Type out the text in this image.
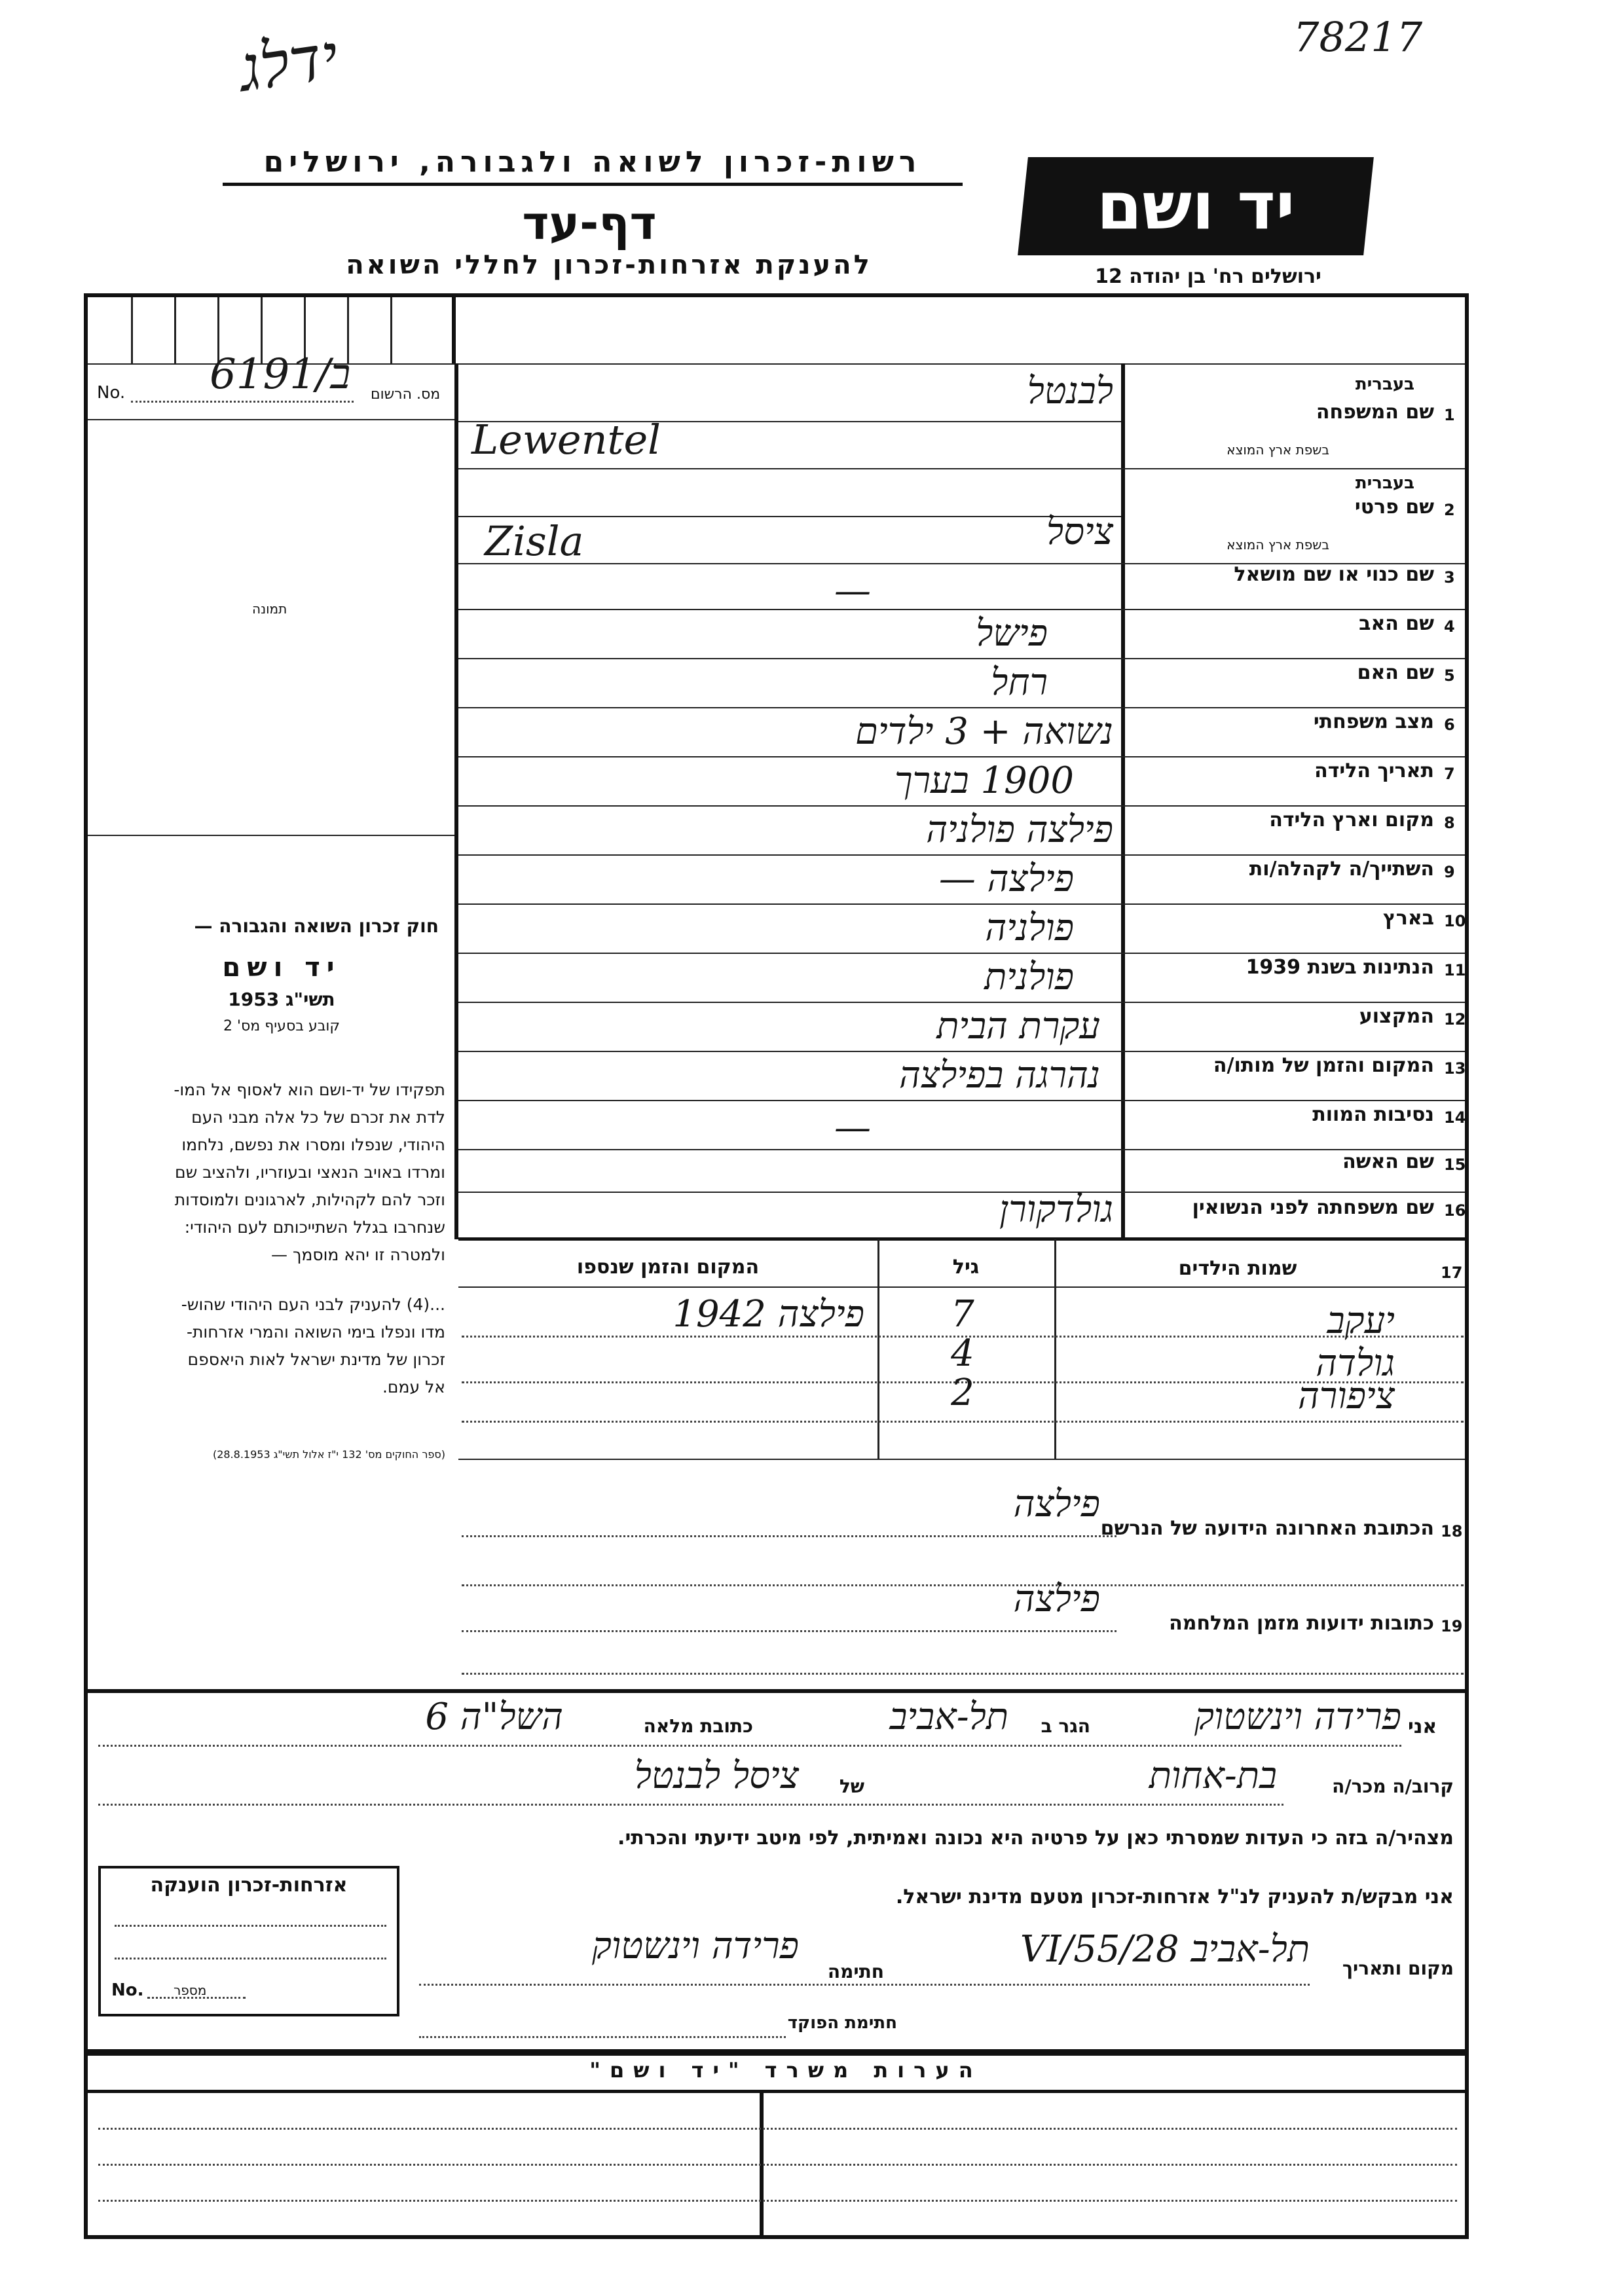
78217
ידלג
רשות-זכרון לשואה ולגבורה, ירושלים
דף-עד
להענקת אזרחות-זכרון לחללי השואה
יד ושם
ירושלים רח' בן יהודה 12
No.	מס. הרשום
6191/ב
תמונה
חוק זכרון השואה והגבורה —
יד ושם
תשי"ג 1953
קובע בסעיף מס' 2
תפקידו של יד-ושם הוא לאסוף אל המו-
לדת את זכרם של כל אלה מבני העם
היהודי, שנפלו ומסרו את נפשם, נלחמו
ומרדו באויב הנאצי ובעוזריו, ולהציב שם
וזכר להם לקהילות, לארגונים ולמוסדות
שנחרבו בגלל השתייכותם לעם היהודי:
ולמטרה זו יהא מוסמך —
...(4) להעניק לבני העם היהודי שהוש-
מדו ונפלו בימי השואה והמרי אזרחות-
זכרון של מדינת ישראל לאות היאספם
אל עמם.
(ספר החוקים מס' 132 י"ז אלול תשי"ג 28.8.1953)
1
שם המשפחה
בעברית
בשפת ארץ המוצא
לבנטל
Lewentel
2
שם פרטי
בעברית
בשפת ארץ המוצא
ציסל
Zisla
3
שם כנוי או שם מושאל
—
4
שם האב
פישל
5
שם האם
רחל
6
מצב משפחתי
נשואה + 3 ילדים
7
תאריך הלידה
1900 בערך
8
מקום וארץ הלידה
פילצה פולניה
9
השתייך/ה לקהלה/ות
פילצה —
10
בארץ
פולניה
11
הנתינות בשנת 1939
פולנית
12
המקצוע
עקרת הבית
13
המקום והזמן של מותו/ה
נהרגה בפילצה
14
נסיבות המוות
—
15
שם האשה
16
שם משפחתה לפני הנשואין
גולדקורן
17
שמות הילדים
גיל
המקום והזמן שנספו
פילצה 1942	יעקב
7
גולדה
4
ציפורה
2
18
הכתובת האחרונה הידועה של הנרשם
פילצה
19
כתובות ידועות מזמן המלחמה
פילצה
אני
פרידה וינשטוק
הגר ב
תל-אביב
כתובת מלאה
השל"ה 6
קרוב/ה מכר/ה
בת-אחות
של
ציסל לבנטל
מצהיר/ה בזה כי העדות שמסרתי כאן על פרטיה היא נכונה ואמיתית, לפי מיטב ידיעתי והכרתי.
אני מבקש/ת להעניק לנ"ל אזרחות-זכרון מטעם מדינת ישראל.
מקום ותאריך
תל-אביב 28/VI/55
חתימה
פרידה וינשטוק
חתימת הפוקד
אזרחות-זכרון הוענקה
No. מספר
הערות משרד "יד ושם"
